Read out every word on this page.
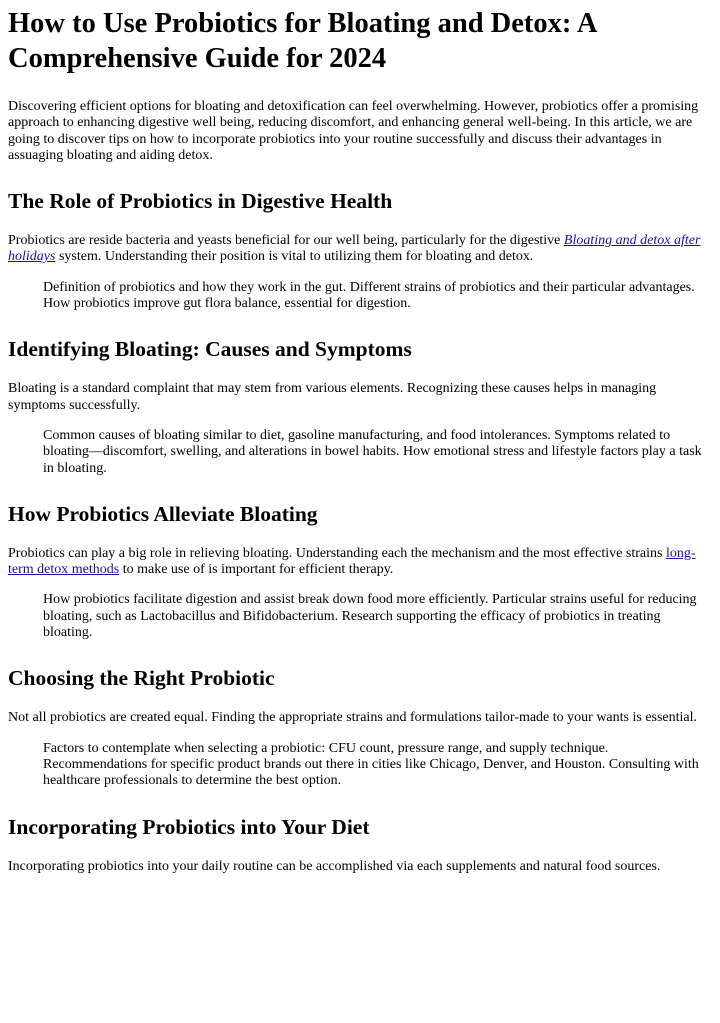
How to Use Probiotics for Bloating and Detox: A Comprehensive Guide for 2024

Discovering efficient options for bloating and detoxification can feel overwhelming. However, probiotics offer a promising approach to enhancing digestive well being, reducing discomfort, and enhancing general well-being. In this article, we are going to discover tips on how to incorporate probiotics into your routine successfully and discuss their advantages in assuaging bloating and aiding detox.

The Role of Probiotics in Digestive Health

Probiotics are reside bacteria and yeasts beneficial for our well being, particularly for the digestive Bloating and detox after holidays system. Understanding their position is vital to utilizing them for bloating and detox.

Definition of probiotics and how they work in the gut. Different strains of probiotics and their particular advantages. How probiotics improve gut flora balance, essential for digestion.
Identifying Bloating: Causes and Symptoms

Bloating is a standard complaint that may stem from various elements. Recognizing these causes helps in managing symptoms successfully.

Common causes of bloating similar to diet, gasoline manufacturing, and food intolerances. Symptoms related to bloating—discomfort, swelling, and alterations in bowel habits. How emotional stress and lifestyle factors play a task in bloating.
How Probiotics Alleviate Bloating

Probiotics can play a big role in relieving bloating. Understanding each the mechanism and the most effective strains long-term detox methods to make use of is important for efficient therapy.

How probiotics facilitate digestion and assist break down food more efficiently. Particular strains useful for reducing bloating, such as Lactobacillus and Bifidobacterium. Research supporting the efficacy of probiotics in treating bloating.
Choosing the Right Probiotic

Not all probiotics are created equal. Finding the appropriate strains and formulations tailor-made to your wants is essential.

Factors to contemplate when selecting a probiotic: CFU count, pressure range, and supply technique. Recommendations for specific product brands out there in cities like Chicago, Denver, and Houston. Consulting with healthcare professionals to determine the best option.
Incorporating Probiotics into Your Diet

Incorporating probiotics into your daily routine can be accomplished via each supplements and natural food sources.
